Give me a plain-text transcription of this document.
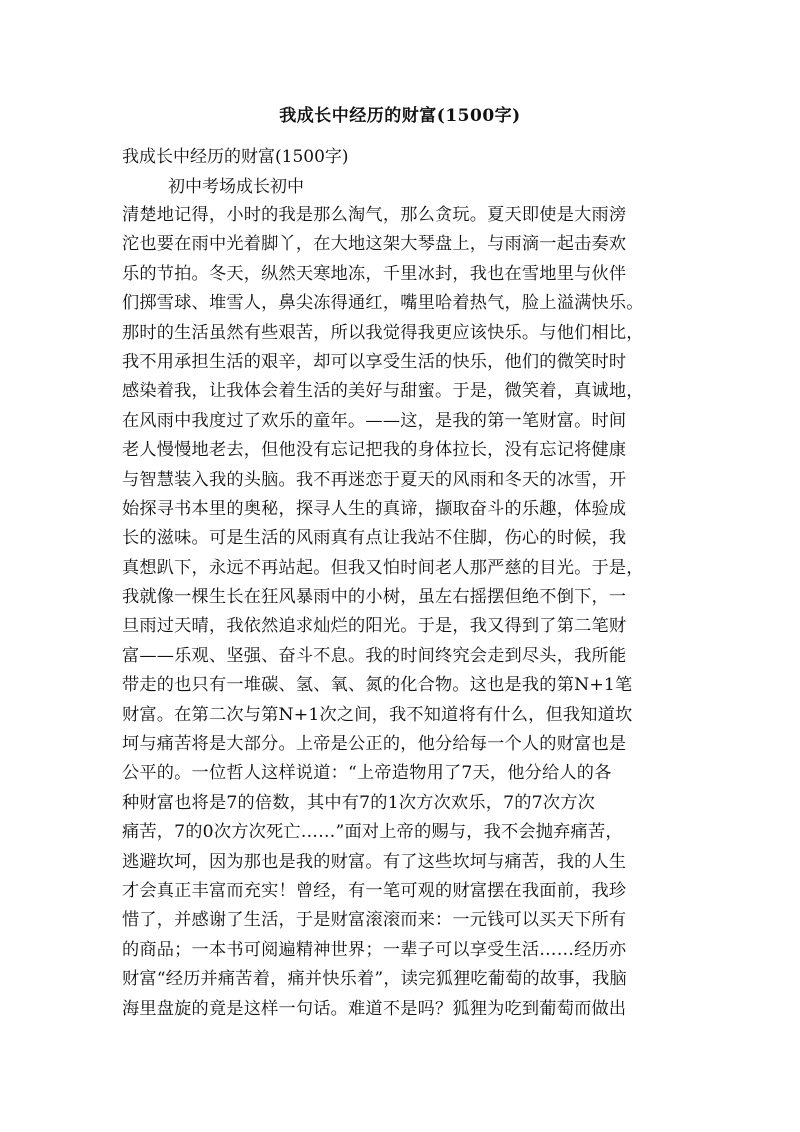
我成长中经历的财富(1500字)
我成长中经历的财富(1500字)
初中考场成长初中
清楚地记得，小时的我是那么淘气，那么贪玩。夏天即使是大雨滂
沱也要在雨中光着脚丫，在大地这架大琴盘上，与雨滴一起击奏欢
乐的节拍。冬天，纵然天寒地冻，千里冰封，我也在雪地里与伙伴
们掷雪球、堆雪人，鼻尖冻得通红，嘴里哈着热气，脸上溢满快乐。
那时的生活虽然有些艰苦，所以我觉得我更应该快乐。与他们相比，
我不用承担生活的艰辛，却可以享受生活的快乐，他们的微笑时时
感染着我，让我体会着生活的美好与甜蜜。于是，微笑着，真诚地，
在风雨中我度过了欢乐的童年。——这，是我的第一笔财富。时间
老人慢慢地老去，但他没有忘记把我的身体拉长，没有忘记将健康
与智慧装入我的头脑。我不再迷恋于夏天的风雨和冬天的冰雪，开
始探寻书本里的奥秘，探寻人生的真谛，撷取奋斗的乐趣，体验成
长的滋味。可是生活的风雨真有点让我站不住脚，伤心的时候，我
真想趴下，永远不再站起。但我又怕时间老人那严慈的目光。于是，
我就像一棵生长在狂风暴雨中的小树，虽左右摇摆但绝不倒下，一
旦雨过天晴，我依然追求灿烂的阳光。于是，我又得到了第二笔财
富——乐观、坚强、奋斗不息。我的时间终究会走到尽头，我所能
带走的也只有一堆碳、氢、氧、氮的化合物。这也是我的第N+1笔
财富。在第二次与第N+1次之间，我不知道将有什么，但我知道坎
坷与痛苦将是大部分。上帝是公正的，他分给每一个人的财富也是
公平的。一位哲人这样说道：“上帝造物用了7天，他分给人的各
种财富也将是7的倍数，其中有7的1次方次欢乐，7的7次方次
痛苦，7的0次方次死亡……”面对上帝的赐与，我不会抛弃痛苦，
逃避坎坷，因为那也是我的财富。有了这些坎坷与痛苦，我的人生
才会真正丰富而充实！曾经，有一笔可观的财富摆在我面前，我珍
惜了，并感谢了生活，于是财富滚滚而来：一元钱可以买天下所有
的商品；一本书可阅遍精神世界；一辈子可以享受生活……经历亦
财富“经历并痛苦着，痛并快乐着”，读完狐狸吃葡萄的故事，我脑
海里盘旋的竟是这样一句话。难道不是吗？狐狸为吃到葡萄而做出
